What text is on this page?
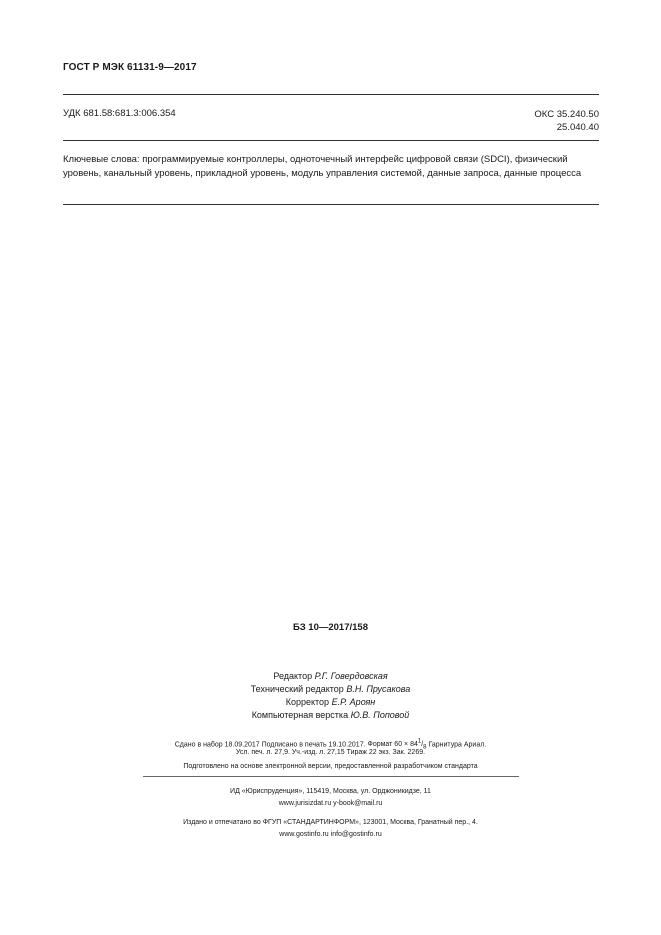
ГОСТ Р МЭК 61131-9—2017
УДК 681.58:681.3:006.354	ОКС 35.240.50
25.040.40
Ключевые слова: программируемые контроллеры, одноточечный интерфейс цифровой связи (SDCI), физический уровень, канальный уровень, прикладной уровень, модуль управления системой, данные запроса, данные процесса
БЗ 10—2017/158
Редактор Р.Г. Говердовская
Технический редактор В.Н. Прусакова
Корректор Е.Р. Ароян
Компьютерная верстка Ю.В. Поповой
Сдано в набор 18.09.2017 Подписано в печать 19.10.2017. Формат $60 \times 84^1/_8$ Гарнитура Ариал.
Усл. печ. л. 27,9. Уч.-изд. л. 27,15 Тираж 22 экз. Зак. 2269.
Подготовлено на основе электронной версии, предоставленной разработчиком стандарта
ИД «Юриспруденция», 115419, Москва, ул. Орджоникидзе, 11
www.jurisizdat.ru y-book@mail.ru
Издано и отпечатано во ФГУП «СТАНДАРТИНФОРМ», 123001, Москва, Гранатный пер., 4.
www.gostinfo.ru info@gostinfo.ru
